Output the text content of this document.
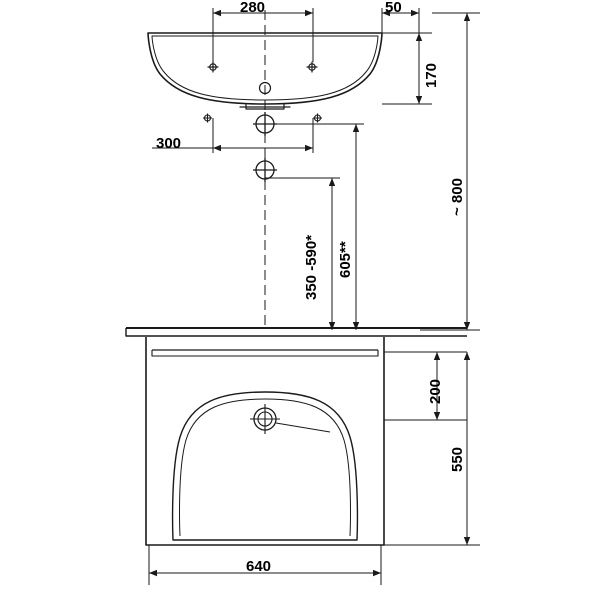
280	50
170
300
350 -590* 605**
~ 800
200
550
640
